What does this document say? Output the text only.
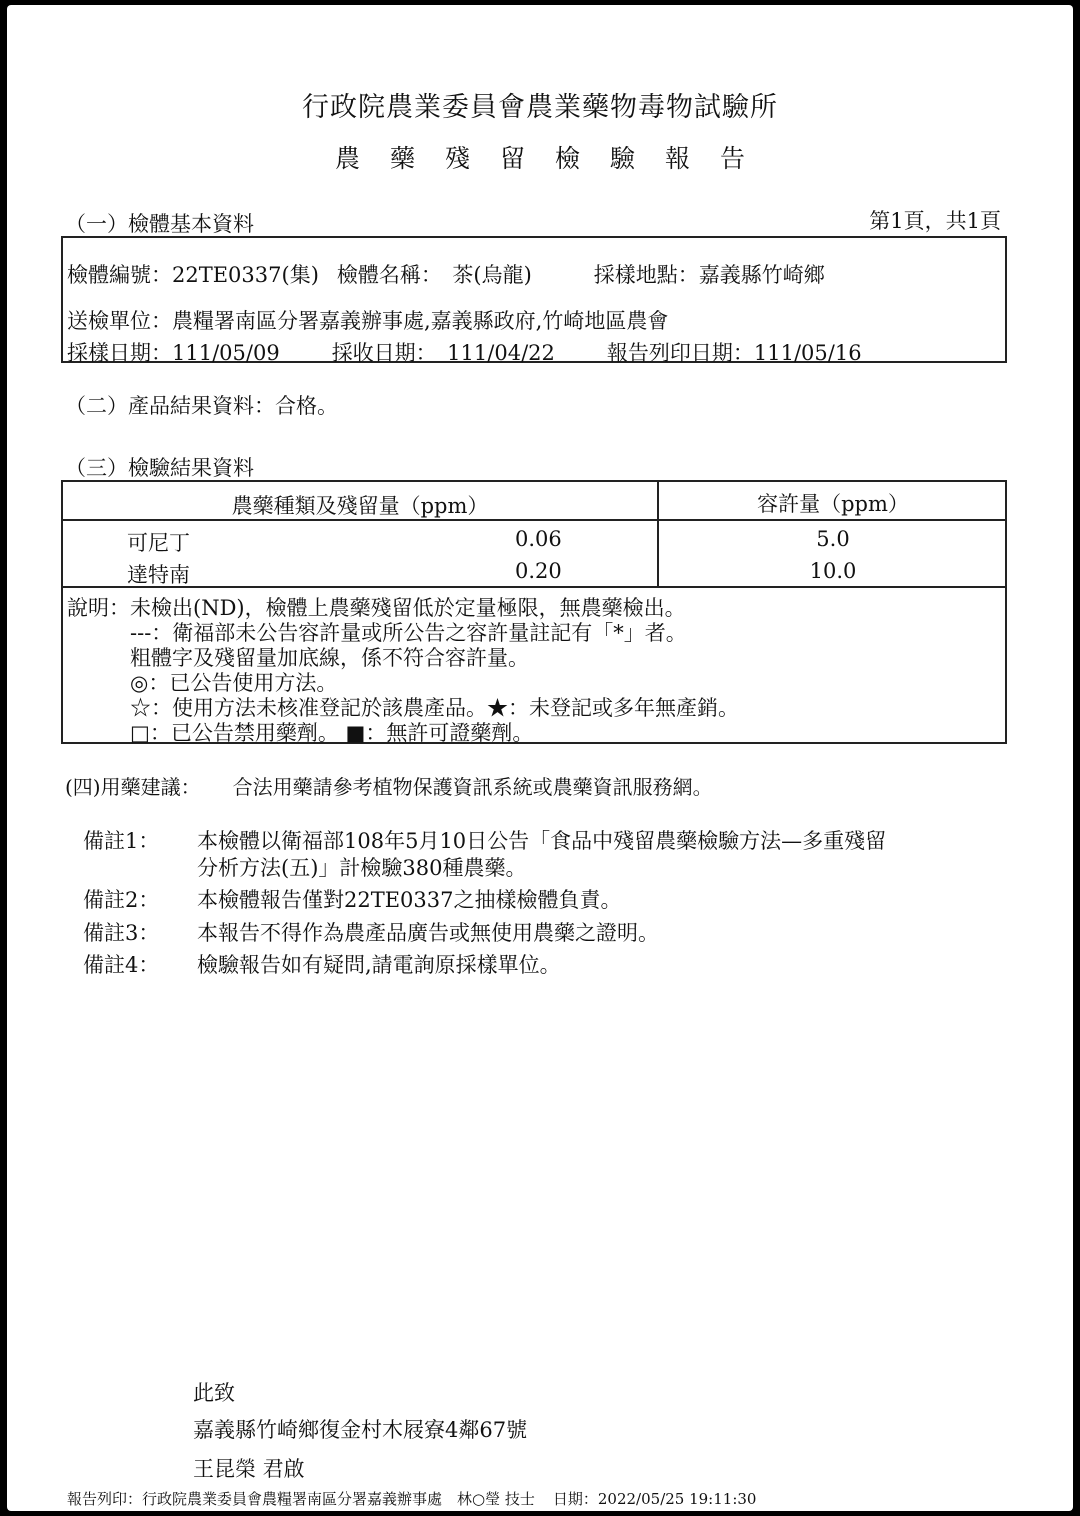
行政院農業委員會農業藥物毒物試驗所
農藥殘留檢驗報告
（一）檢體基本資料	第1頁，共1頁
檢體編號：22TE0337(集) 檢體名稱：　茶(烏龍)	採樣地點：嘉義縣竹崎鄉
送檢單位：農糧署南區分署嘉義辦事處,嘉義縣政府,竹崎地區農會
採樣日期：111/05/09 採收日期：　111/04/22 報告列印日期：111/05/16
（二）產品結果資料：合格。
（三）檢驗結果資料
農藥種類及殘留量（ppm）	容許量（ppm）
可尼丁	0.06	5.0
達特南	0.20	10.0
說明：未檢出(ND)，檢體上農藥殘留低於定量極限，無農藥檢出。
　　　---：衛福部未公告容許量或所公告之容許量註記有「*」者。
　　　粗體字及殘留量加底線，係不符合容許量。
　　　◎：已公告使用方法。
　　　☆：使用方法未核准登記於該農產品。★：未登記或多年無產銷。
　　　□：已公告禁用藥劑。 ■：無許可證藥劑。
(四)用藥建議： 合法用藥請參考植物保護資訊系統或農藥資訊服務網。
備註1： 本檢體以衛福部108年5月10日公告「食品中殘留農藥檢驗方法—多重殘留
分析方法(五)」計檢驗380種農藥。
備註2： 本檢體報告僅對22TE0337之抽樣檢體負責。
備註3： 本報告不得作為農產品廣告或無使用農藥之證明。
備註4： 檢驗報告如有疑問,請電詢原採樣單位。
此致
嘉義縣竹崎鄉復金村木屐寮4鄰67號
王昆榮 君啟
報告列印：行政院農業委員會農糧署南區分署嘉義辦事處　林○瑩 技士 日期：2022/05/25 19:11:30
